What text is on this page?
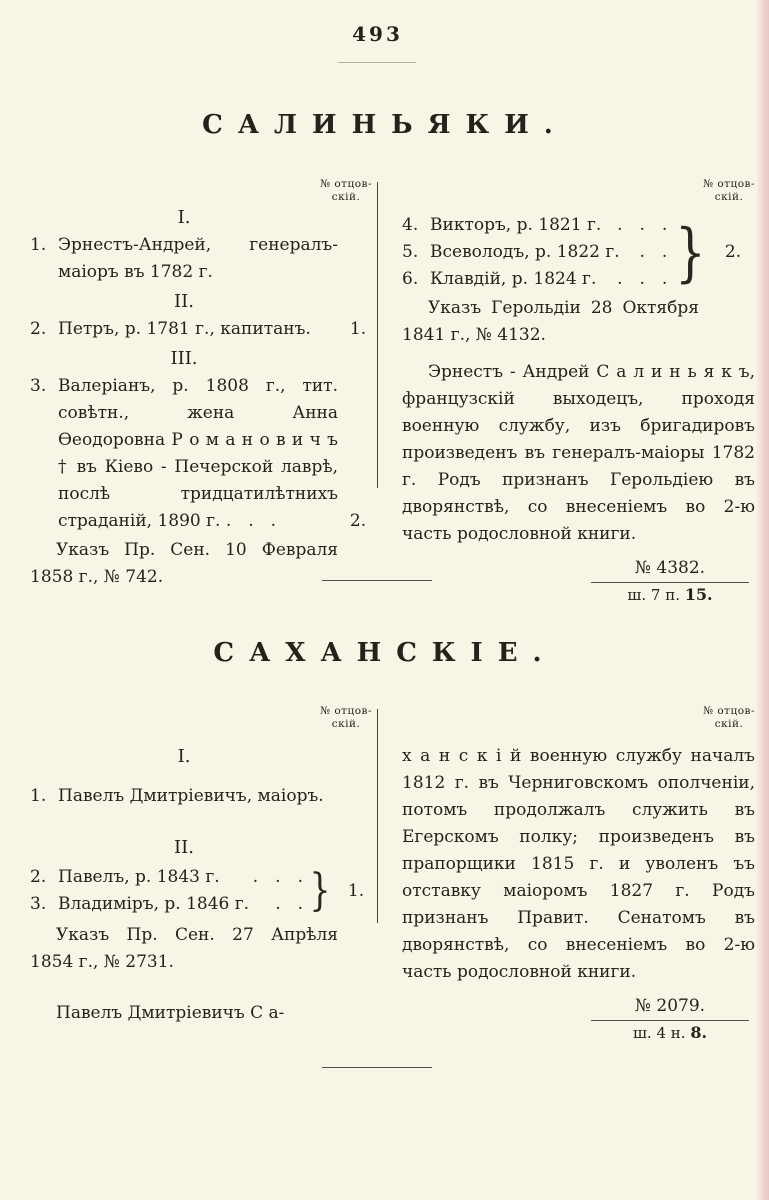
493
САЛИНЬЯКИ.
№ отцов-
скій.
I.
1. Эрнестъ-Андрей, генералъ-маіоръ въ 1782 г.
II.
2. Петръ, р. 1781 г., капитанъ.	1.
III.
3. Валеріанъ, р. 1808 г., тит. совѣтн., жена Анна Ѳеодоровна Р о м а н о в и ч ъ † въ Кіево - Печерской лаврѣ, послѣ тридцатилѣтнихъ страданій, 1890 г. . . .	2.
Указъ Пр. Сен. 10 Февраля 1858 г., № 742.
№ отцов-
скій.
4. Викторъ, р. 1821 г. . . .
5. Всеволодъ, р. 1822 г.	. .
6. Клавдій, р. 1824 г.	. . . }	2.
Указъ Герольдіи 28 Октября 1841 г., № 4132.
Эрнестъ - Андрей С а л и н ь я к ъ, французскій выходецъ, проходя военную службу, изъ бригадировъ произведенъ въ генералъ-маіоры 1782 г. Родъ признанъ Герольдіею въ дворянствѣ, со внесеніемъ во 2-ю часть родословной книги.
№ 4382.
ш. 7 п. 15.
САХАНСКІЕ.
№ отцов-
скій.
I.
1. Павелъ Дмитріевичъ, маіоръ.
II.
2. Павелъ, р. 1843 г.	. . .
3. Владиміръ, р. 1846 г.	. . }	1.
Указъ Пр. Сен. 27 Апрѣля 1854 г., № 2731.
Павелъ Дмитріевичъ С а-
№ отцов-
скій.
х а н с к і й военную службу началъ 1812 г. въ Черниговскомъ ополченіи, потомъ продолжалъ служить въ Егерскомъ полку; произведенъ въ прапорщики 1815 г. и уволенъ ъъ отставку маіоромъ 1827 г. Родъ признанъ Правит. Сенатомъ въ дворянствѣ, со внесеніемъ во 2-ю часть родословной книги.
№ 2079.
ш. 4 н. 8.
